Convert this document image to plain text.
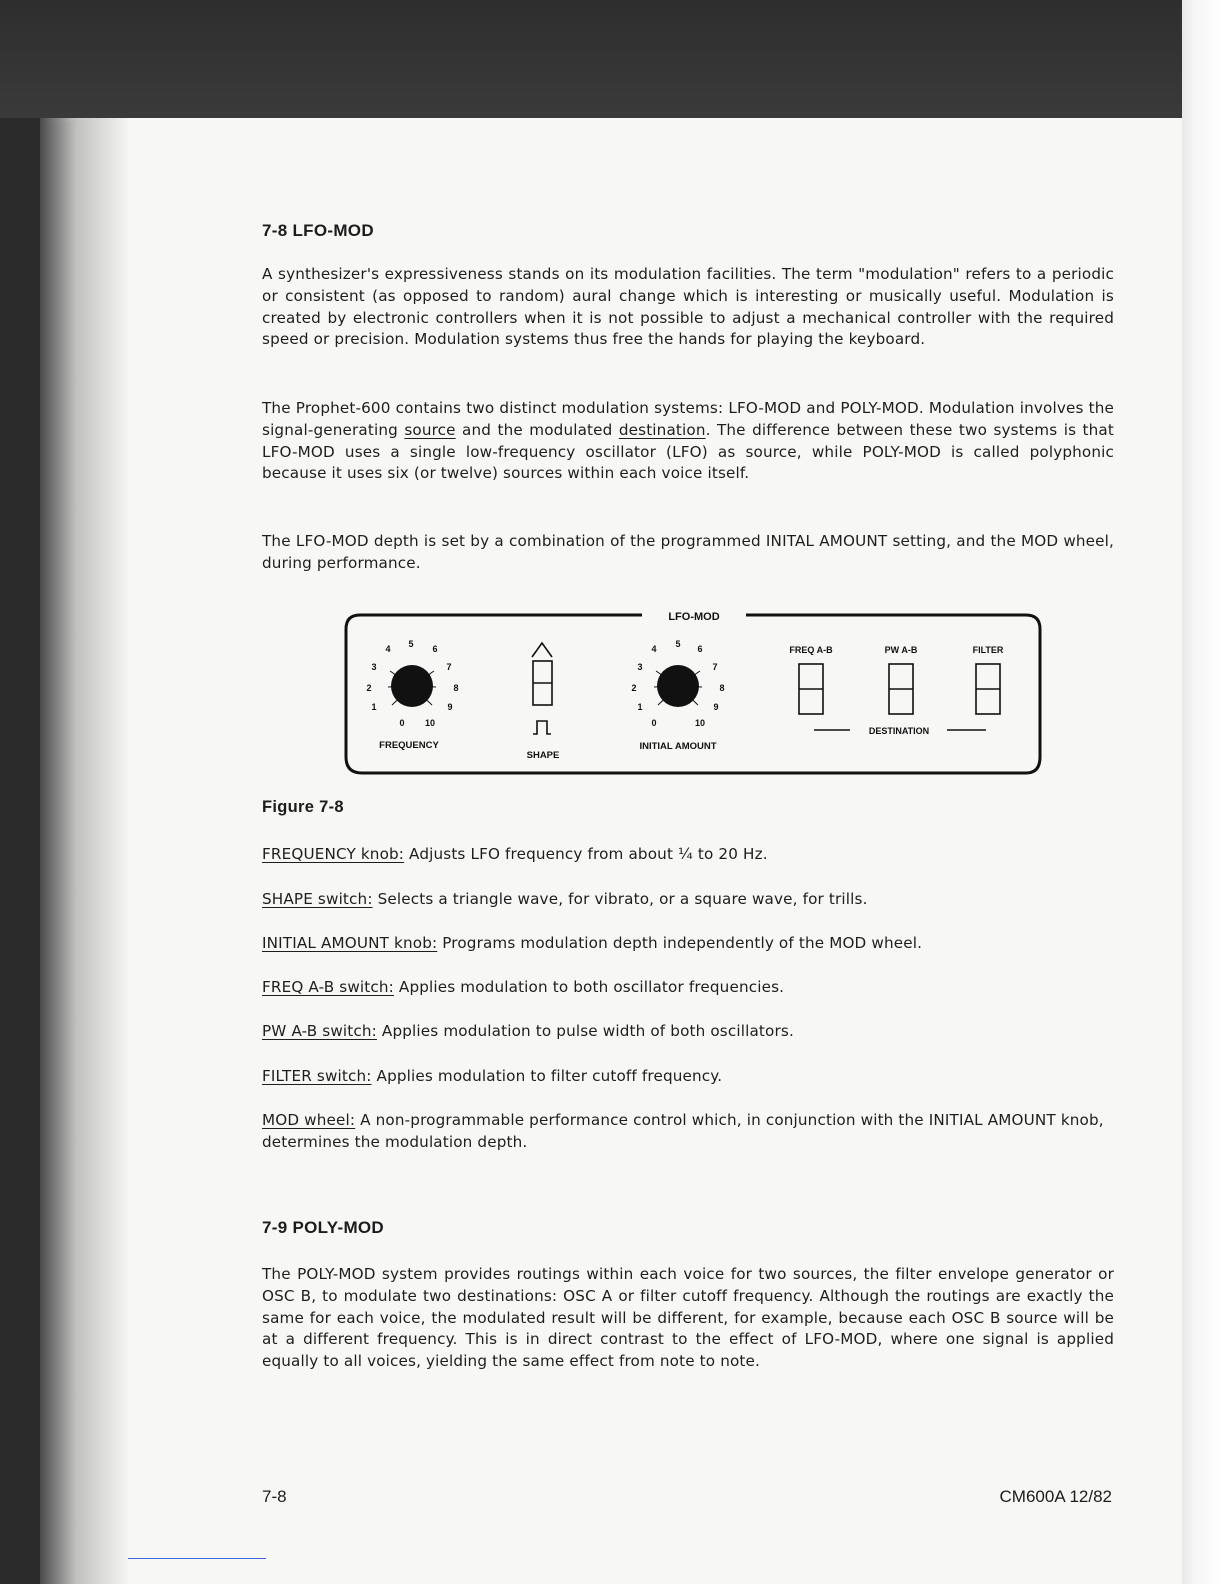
7-8 LFO-MOD
A synthesizer's expressiveness stands on its modulation facilities. The term "modulation" refers to a periodic or consistent (as opposed to random) aural change which is interesting or musically useful. Modulation is created by electronic controllers when it is not possible to adjust a mechanical controller with the required speed or precision. Modulation systems thus free the hands for playing the keyboard.
The Prophet-600 contains two distinct modulation systems: LFO-MOD and POLY-MOD. Modulation involves the signal-generating source and the modulated destination. The difference between these two systems is that LFO-MOD uses a single low-frequency oscillator (LFO) as source, while POLY-MOD is called polyphonic because it uses six (or twelve) sources within each voice itself.
The LFO-MOD depth is set by a combination of the programmed INITAL AMOUNT setting, and the MOD wheel, during performance.
LFO-MOD
0
1
2
3
4 5 6
7
8
9
10
FREQUENCY
SHAPE
0
1
2
3
4 5 6
7
8
9
10
INITIAL AMOUNT
FREQ A-B	PW A-B	FILTER
DESTINATION
Figure 7-8
FREQUENCY knob: Adjusts LFO frequency from about ¼ to 20 Hz.
SHAPE switch: Selects a triangle wave, for vibrato, or a square wave, for trills.
INITIAL AMOUNT knob: Programs modulation depth independently of the MOD wheel.
FREQ A-B switch: Applies modulation to both oscillator frequencies.
PW A-B switch: Applies modulation to pulse width of both oscillators.
FILTER switch: Applies modulation to filter cutoff frequency.
MOD wheel: A non-programmable performance control which, in conjunction with the INITIAL AMOUNT knob, determines the modulation depth.
7-9 POLY-MOD
The POLY-MOD system provides routings within each voice for two sources, the filter envelope generator or OSC B, to modulate two destinations: OSC A or filter cutoff frequency. Although the routings are exactly the same for each voice, the modulated result will be different, for example, because each OSC B source will be at a different frequency. This is in direct contrast to the effect of LFO-MOD, where one signal is applied equally to all voices, yielding the same effect from note to note.
7-8	CM600A 12/82
